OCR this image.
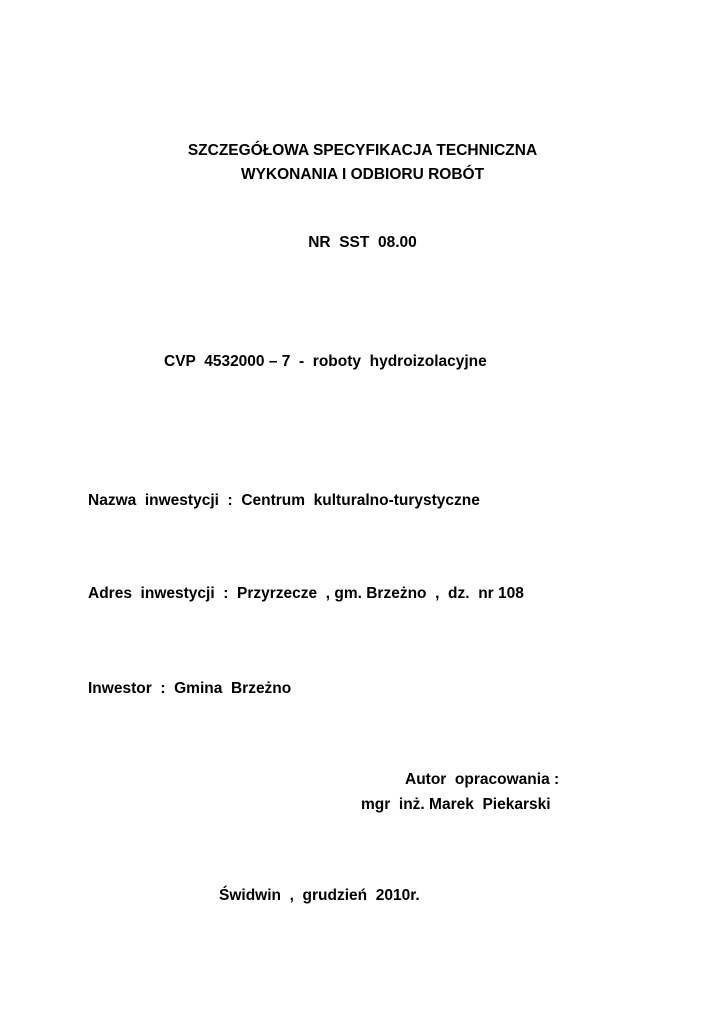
SZCZEGÓŁOWA SPECYFIKACJA TECHNICZNA
WYKONANIA I ODBIORU ROBÓT
NR  SST  08.00
CVP  4532000 – 7  -  roboty  hydroizolacyjne
Nazwa  inwestycji  :  Centrum  kulturalno-turystyczne
Adres  inwestycji  :  Przyrzecze  , gm. Brzeżno  ,  dz.  nr 108
Inwestor  :  Gmina  Brzeżno
Autor  opracowania :
mgr  inż. Marek  Piekarski
Świdwin  ,  grudzień  2010r.
